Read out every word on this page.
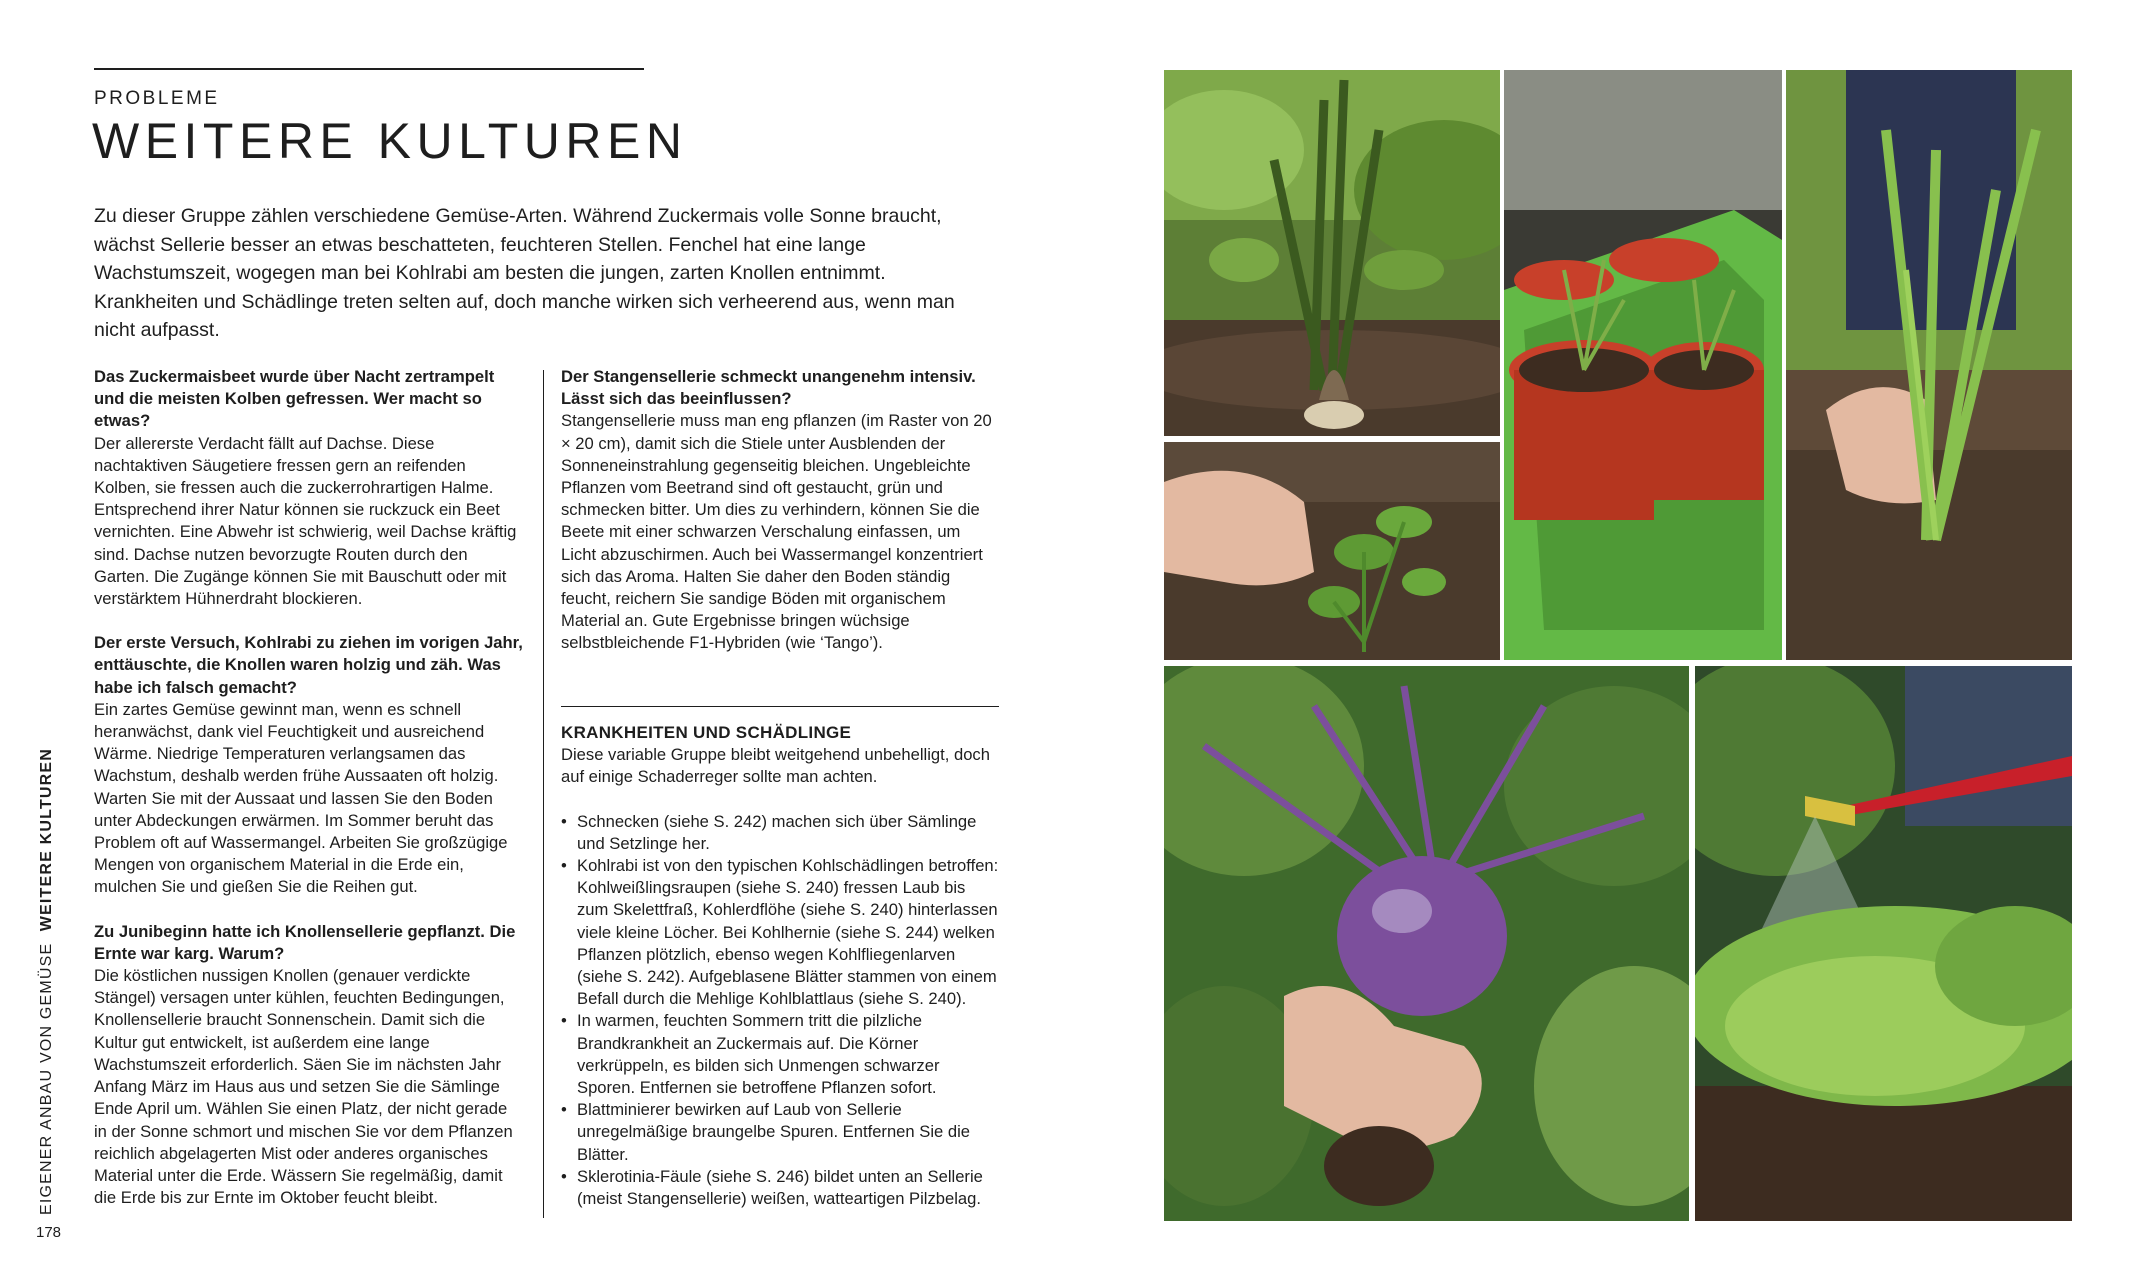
PROBLEME
WEITERE KULTUREN

Zu dieser Gruppe zählen verschiedene Gemüse-Arten. Während Zuckermais volle Sonne braucht, wächst Sellerie besser an etwas beschatteten, feuchteren Stellen. Fenchel hat eine lange Wachstumszeit, wogegen man bei Kohlrabi am besten die jungen, zarten Knollen entnimmt. Krankheiten und Schädlinge treten selten auf, doch manche wirken sich verheerend aus, wenn man nicht aufpasst.

Das Zuckermaisbeet wurde über Nacht zertrampelt und die meisten Kolben gefressen. Wer macht so etwas?

Der allererste Verdacht fällt auf Dachse. Diese nachtaktiven Säugetiere fressen gern an reifenden Kolben, sie fressen auch die zuckerrohrartigen Halme. Entsprechend ihrer Natur können sie ruckzuck ein Beet vernichten. Eine Abwehr ist schwierig, weil Dachse kräftig sind. Dachse nutzen bevorzugte Routen durch den Garten. Die Zugänge können Sie mit Bauschutt oder mit verstärktem Hühnerdraht blockieren.

Der erste Versuch, Kohlrabi zu ziehen im vorigen Jahr, enttäuschte, die Knollen waren holzig und zäh. Was habe ich falsch gemacht?

Ein zartes Gemüse gewinnt man, wenn es schnell heranwächst, dank viel Feuchtigkeit und ausreichend Wärme. Niedrige Temperaturen verlangsamen das Wachstum, deshalb werden frühe Aussaaten oft holzig. Warten Sie mit der Aussaat und lassen Sie den Boden unter Abdeckungen erwärmen. Im Sommer beruht das Problem oft auf Wassermangel. Arbeiten Sie großzügige Mengen von organischem Material in die Erde ein, mulchen Sie und gießen Sie die Reihen gut.

Zu Junibeginn hatte ich Knollensellerie gepflanzt. Die Ernte war karg. Warum?

Die köstlichen nussigen Knollen (genauer verdickte Stängel) versagen unter kühlen, feuchten Bedingungen, Knollensellerie braucht Sonnenschein. Damit sich die Kultur gut entwickelt, ist außerdem eine lange Wachstumszeit erforderlich. Säen Sie im nächsten Jahr Anfang März im Haus aus und setzen Sie die Sämlinge Ende April um. Wählen Sie einen Platz, der nicht gerade in der Sonne schmort und mischen Sie vor dem Pflanzen reichlich abgelagerten Mist oder anderes organisches Material unter die Erde. Wässern Sie regelmäßig, damit die Erde bis zur Ernte im Oktober feucht bleibt.

Der Stangensellerie schmeckt unangenehm intensiv. Lässt sich das beeinflussen?

Stangensellerie muss man eng pflanzen (im Raster von 20 × 20 cm), damit sich die Stiele unter Ausblenden der Sonneneinstrahlung gegenseitig bleichen. Ungebleichte Pflanzen vom Beetrand sind oft gestaucht, grün und schmecken bitter. Um dies zu verhindern, können Sie die Beete mit einer schwarzen Verschalung einfassen, um Licht abzuschirmen. Auch bei Wassermangel konzentriert sich das Aroma. Halten Sie daher den Boden ständig feucht, reichern Sie sandige Böden mit organischem Material an. Gute Ergebnisse bringen wüchsige selbstbleichende F1-Hybriden (wie ‘Tango’).

KRANKHEITEN UND SCHÄDLINGE

Diese variable Gruppe bleibt weitgehend unbehelligt, doch auf einige Schaderreger sollte man achten.

• Schnecken (siehe S. 242) machen sich über Sämlinge und Setzlinge her.
• Kohlrabi ist von den typischen Kohlschädlingen betroffen: Kohlweißlingsraupen (siehe S. 240) fressen Laub bis zum Skelettfraß, Kohlerdflöhe (siehe S. 240) hinterlassen viele kleine Löcher. Bei Kohlhernie (siehe S. 244) welken Pflanzen plötzlich, ebenso wegen Kohlfliegenlarven (siehe S. 242). Aufgeblasene Blätter stammen von einem Befall durch die Mehlige Kohlblattlaus (siehe S. 240).
• In warmen, feuchten Sommern tritt die pilzliche Brandkrankheit an Zuckermais auf. Die Körner verkrüppeln, es bilden sich Unmengen schwarzer Sporen. Entfernen sie betroffene Pflanzen sofort.
• Blattminierer bewirken auf Laub von Sellerie unregelmäßige braungelbe Spuren. Entfernen Sie die Blätter.
• Sklerotinia-Fäule (siehe S. 246) bildet unten an Sellerie (meist Stangensellerie) weißen, watteartigen Pilzbelag.
EIGENER ANBAU VON GEMÜSE  WEITERE KULTUREN
178
